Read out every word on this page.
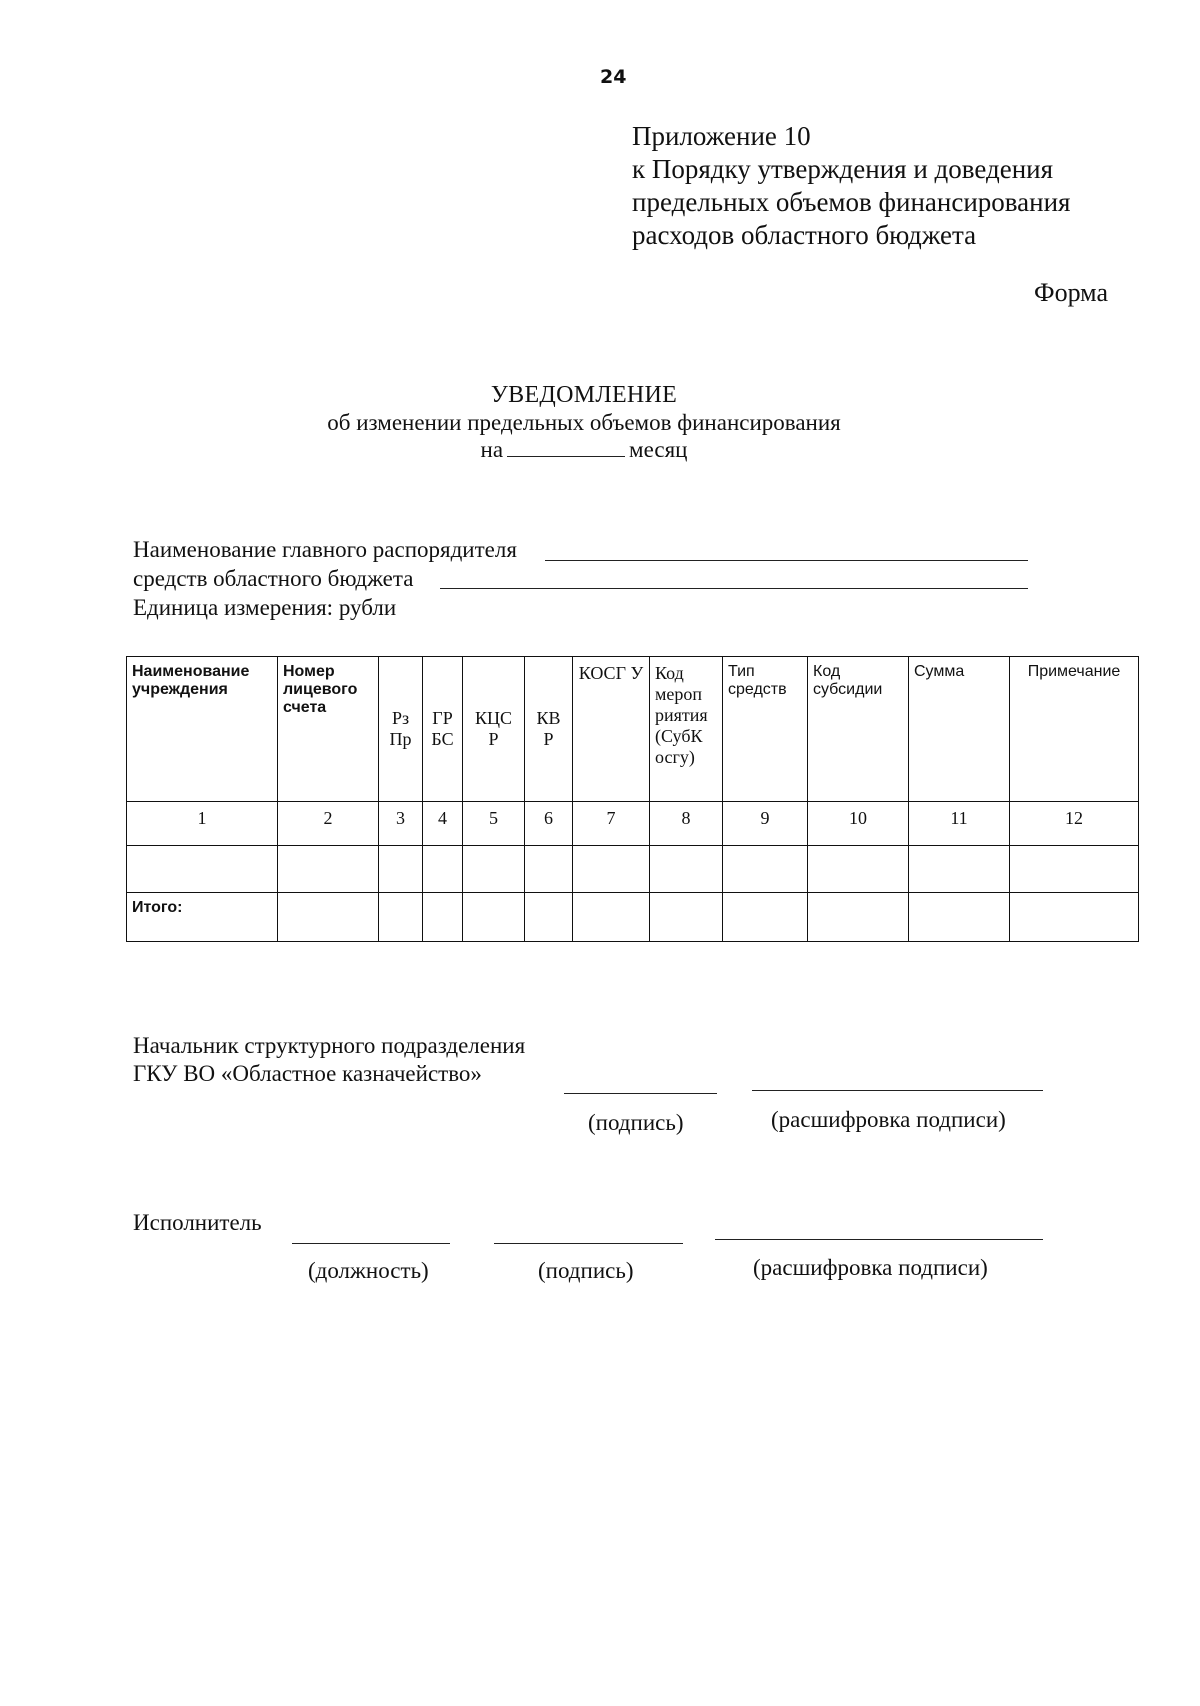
24
Приложение 10
к Порядку утверждения и доведения
предельных объемов финансирования
расходов областного бюджета
Форма
УВЕДОМЛЕНИЕ
об изменении предельных объемов финансирования
на	месяц
Наименование главного распорядителя
средств областного бюджета
Единица измерения: рубли
Наименование учреждения	Номер лицевого счета	Рз Пр	ГР БС	КЦС Р	КВ Р	КОСГ У	Код мероп риятия (СубК осгу)	Тип средств	Код субсидии	Сумма	Примечание
1	2	3	4	5	6	7	8	9	10	11	12

Итого:											
Начальник структурного подразделения
ГКУ ВО «Областное казначейство»
(подпись)	(расшифровка подписи)
Исполнитель
(должность)	(подпись)	(расшифровка подписи)
